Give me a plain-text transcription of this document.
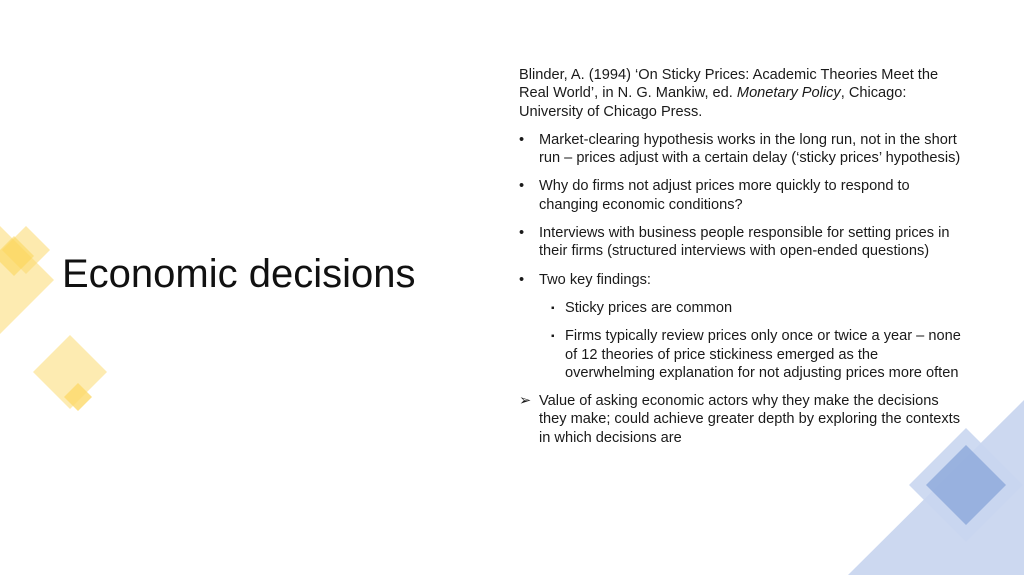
Economic decisions

Blinder, A. (1994) ‘On Sticky Prices: Academic Theories Meet the Real World’, in N. G. Mankiw, ed. Monetary Policy, Chicago: University of Chicago Press.

•	Market-clearing hypothesis works in the long run, not in the short run – prices adjust with a certain delay (‘sticky prices’ hypothesis)
•	Why do firms not adjust prices more quickly to respond to changing economic conditions?
•	Interviews with business people responsible for setting prices in their firms (structured interviews with open-ended questions)
•	Two key findings:
▪ Sticky prices are common
▪ Firms typically review prices only once or twice a year – none of 12 theories of price stickiness emerged as the overwhelming explanation for not adjusting prices more often
➢ Value of asking economic actors why they make the decisions they make; could achieve greater depth by exploring the contexts in which decisions are
